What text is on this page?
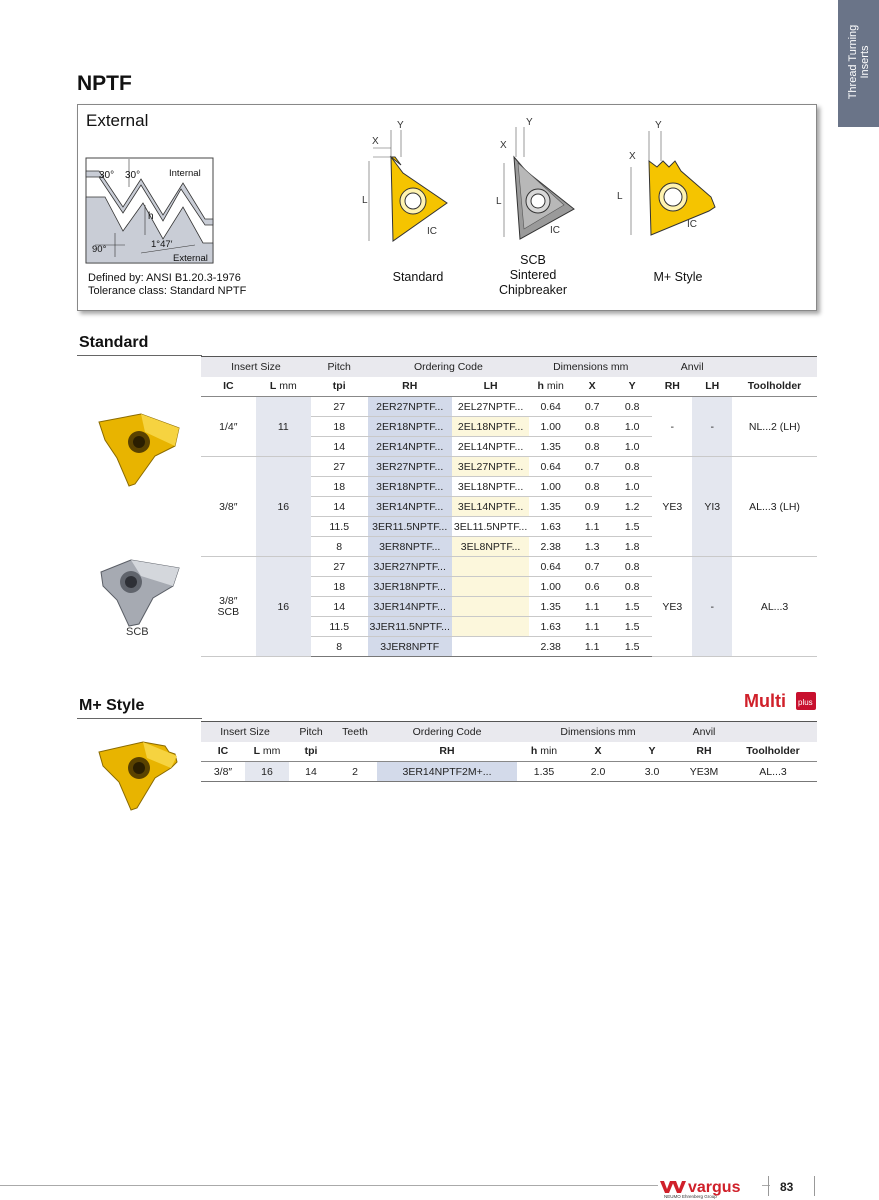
Thread Turning Inserts
NPTF
External
30° 30°	Internal
h
90°	1°47′
External
Defined by: ANSI B1.20.3-1976
Tolerance class: Standard NPTF
Y
X
L
IC
Standard
Y
X
L
IC
SCB
Sintered
Chipbreaker
Y
X
L
IC
M+ Style
Standard
SCB
Insert Size		Pitch	Ordering Code		Dimensions mm			Anvil		
IC	L mm	tpi	RH	LH	h min	X	Y	RH	LH	Toolholder
1/4″	11	27	2ER27NPTF...	2EL27NPTF...	0.64	0.7	0.8	-	-	NL...2 (LH)
		18	2ER18NPTF...	2EL18NPTF...	1.00	0.8	1.0			
		14	2ER14NPTF...	2EL14NPTF...	1.35	0.8	1.0			
3/8″	16	27	3ER27NPTF...	3EL27NPTF...	0.64	0.7	0.8	YE3	YI3	AL...3 (LH)
		18	3ER18NPTF...	3EL18NPTF...	1.00	0.8	1.0			
		14	3ER14NPTF...	3EL14NPTF...	1.35	0.9	1.2			
		11.5	3ER11.5NPTF...	3EL11.5NPTF...	1.63	1.1	1.5			
		8	3ER8NPTF...	3EL8NPTF...	2.38	1.3	1.8			

3/8″
SCB	16	27	3JER27NPTF...		0.64	0.7	0.8	YE3	-	AL...3
		18	3JER18NPTF...		1.00	0.6	0.8			
		14	3JER14NPTF...		1.35	1.1	1.5			
		11.5	3JER11.5NPTF...		1.63	1.1	1.5			
		8	3JER8NPTF		2.38	1.1	1.5			
M+ Style	Multi plus
Insert Size		Pitch	Teeth	Ordering Code	Dimensions mm			Anvil	
IC	L mm	tpi		RH	h min	X	Y	RH	Toolholder
3/8″	16	14	2	3ER14NPTF2M+...	1.35	2.0	3.0	YE3M	AL...3
vargus
NEUMO Ehrenberg Group
83
